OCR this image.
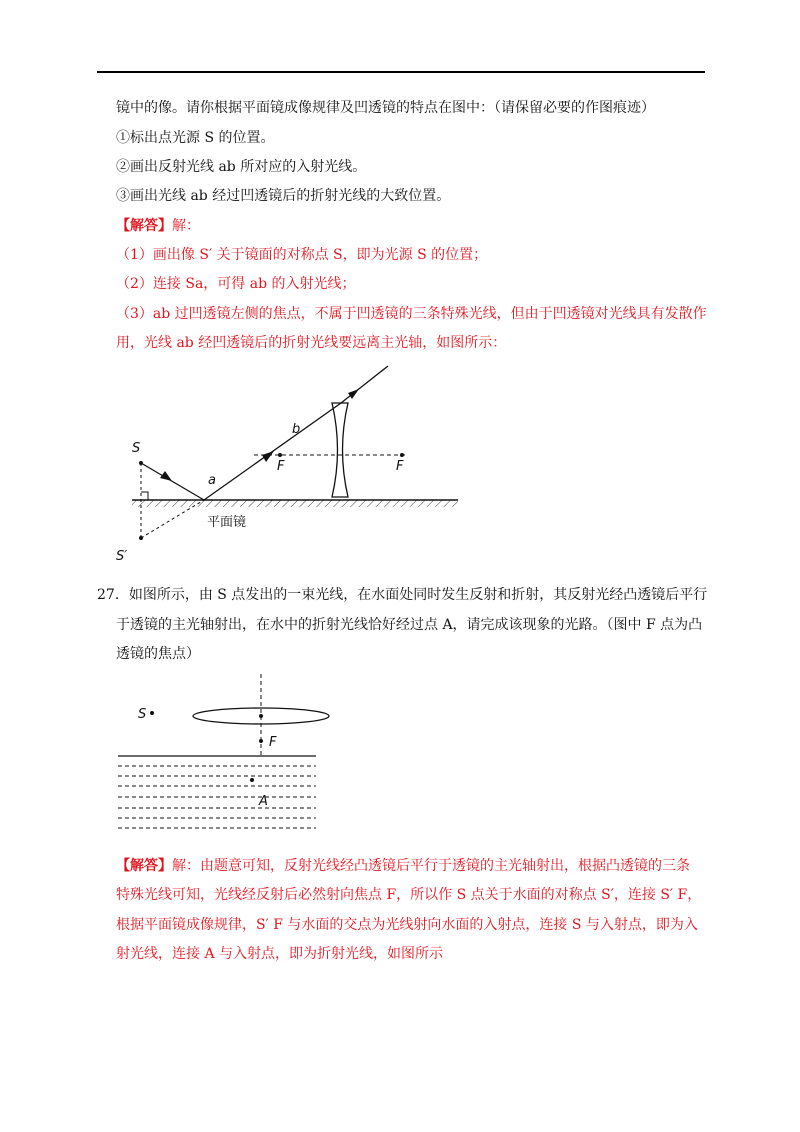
镜中的像。请你根据平面镜成像规律及凹透镜的特点在图中：（请保留必要的作图痕迹）
①标出点光源 S 的位置。
②画出反射光线 ab 所对应的入射光线。
③画出光线 ab 经过凹透镜后的折射光线的大致位置。
【解答】解：
（1）画出像 S′ 关于镜面的对称点 S，即为光源 S 的位置；
（2）连接 Sa，可得 ab 的入射光线；
（3）ab 过凹透镜左侧的焦点，不属于凹透镜的三条特殊光线，但由于凹透镜对光线具有发散作
用，光线 ab 经凹透镜后的折射光线要远离主光轴，如图所示：
S
S′
a
b
F	F
平面镜
27．如图所示，由 S 点发出的一束光线，在水面处同时发生反射和折射，其反射光经凸透镜后平行
于透镜的主光轴射出，在水中的折射光线恰好经过点 A，请完成该现象的光路。（图中 F 点为凸
透镜的焦点）
S
F
A
【解答】解：由题意可知，反射光线经凸透镜后平行于透镜的主光轴射出，根据凸透镜的三条
特殊光线可知，光线经反射后必然射向焦点 F，所以作 S 点关于水面的对称点 S′，连接 S′ F，
根据平面镜成像规律，S′ F 与水面的交点为光线射向水面的入射点，连接 S 与入射点，即为入
射光线，连接 A 与入射点，即为折射光线，如图所示
